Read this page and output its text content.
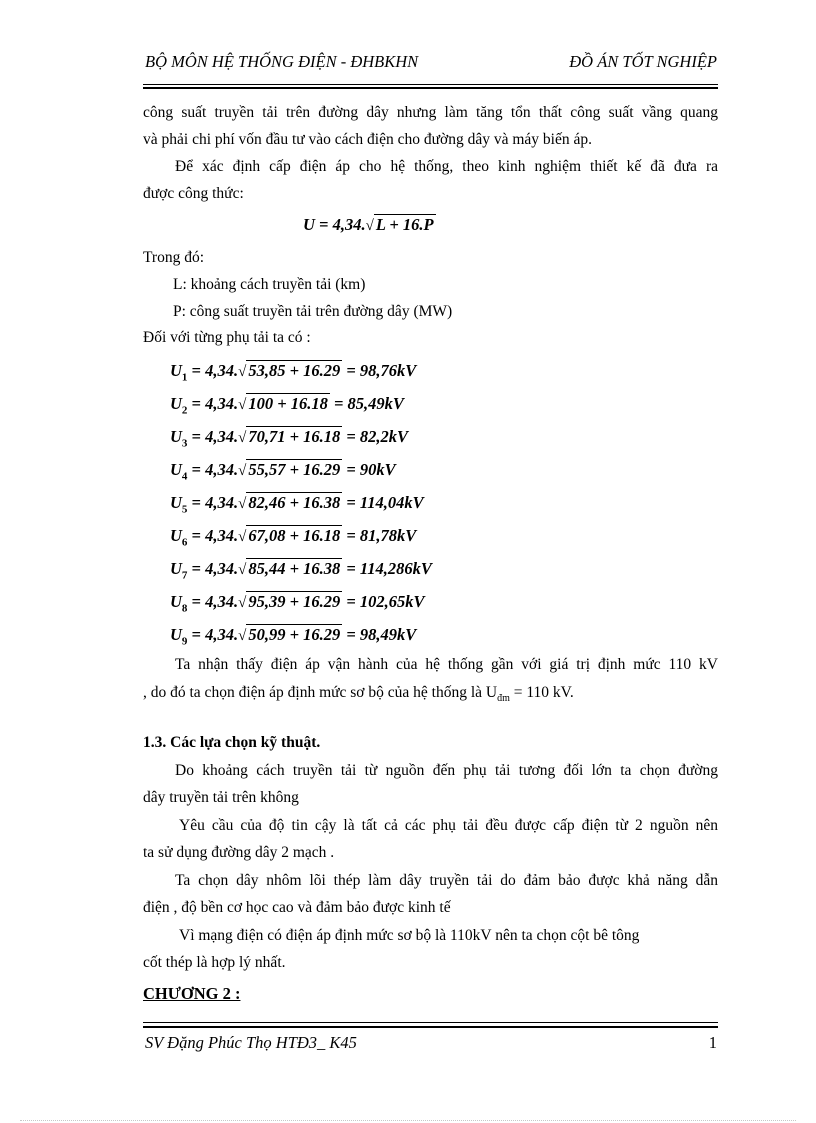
BỘ MÔN HỆ THỐNG ĐIỆN - ĐHBKHN	ĐỒ ÁN TỐT NGHIỆP
công suất truyền tải trên đường dây nhưng làm tăng tổn thất công suất vầng quang
và phải chi phí vốn đầu tư vào cách điện cho đường dây và máy biến áp.
Để xác định cấp điện áp cho hệ thống, theo kinh nghiệm thiết kế đã đưa ra
được công thức:
U = 4,34.√ L + 16.P
Trong đó:
L: khoảng cách truyền tải (km)
P: công suất truyền tải trên đường dây (MW)
Đối với từng phụ tải ta có :
$U_1 = 4,34.√$ 53,85 + 16.29 = 98,76kV
$U_2 = 4,34.√$ 100 + 16.18 = 85,49kV
$U_3 = 4,34.√$ 70,71 + 16.18 = 82,2kV
$U_4 = 4,34.√$ 55,57 + 16.29 = 90kV
$U_5 = 4,34.√$ 82,46 + 16.38 = 114,04kV
$U_6 = 4,34.√$ 67,08 + 16.18 = 81,78kV
$U_7 = 4,34.√$ 85,44 + 16.38 = 114,286kV
$U_8 = 4,34.√$ 95,39 + 16.29 = 102,65kV
$U_9 = 4,34.√$ 50,99 + 16.29 = 98,49kV
Ta nhận thấy điện áp vận hành của hệ thống gần với giá trị định mức 110 kV
, do đó ta chọn điện áp định mức sơ bộ của hệ thống là $U_{đm} = 110$ kV.
1.3. Các lựa chọn kỹ thuật.
Do khoảng cách truyền tải từ nguồn đến phụ tải tương đối lớn ta chọn đường
dây truyền tải trên không
Yêu cầu của độ tin cậy là tất cả các phụ tải đều được cấp điện từ 2 nguồn nên
ta sử dụng đường dây 2 mạch .
Ta chọn dây nhôm lõi thép làm dây truyền tải do đảm bảo được khả năng dẫn
điện , độ bền cơ học cao và đảm bảo được kinh tế
Vì mạng điện có điện áp định mức sơ bộ là 110kV nên ta chọn cột bê tông
cốt thép là hợp lý nhất.
CHƯƠNG 2 :
SV Đặng Phúc Thọ HTĐ3_ K45	1
